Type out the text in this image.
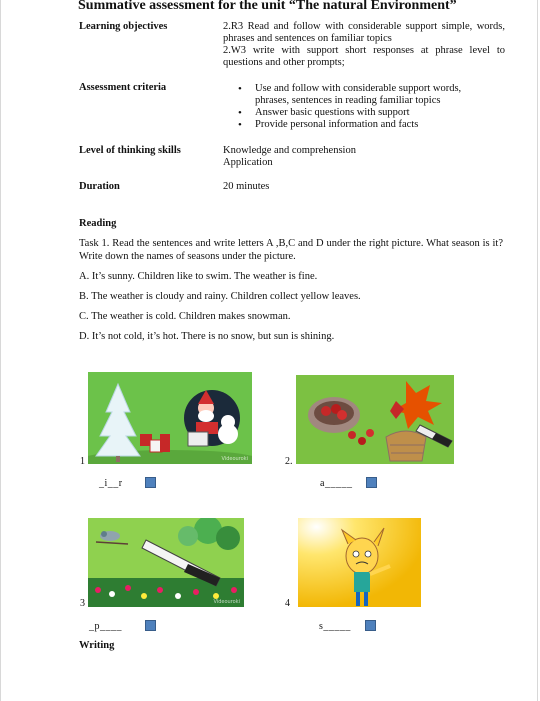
Summative assessment for the unit “The natural Environment”
Learning objectives	2.R3 Read and follow with considerable support simple, words, phrases and sentences on familiar topics
2.W3 write with support short responses at phrase level to questions and other prompts;
Assessment criteria
•	Use and follow with considerable support words, phrases, sentences in reading familiar topics
• Answer basic questions with support
• Provide personal information and facts
Level of thinking skills	Knowledge and comprehension
Application
Duration	20 minutes
Reading
Task 1. Read the sentences and write letters A ,B,C and D under the right picture. What season is it? Write down the names of seasons under the picture.
A. It’s sunny. Children like to swim. The weather is fine.
B. The weather is cloudy and rainy. Children collect yellow leaves.
C. The weather is cold. Children makes snowman.
D. It’s not cold, it’s hot. There is no snow, but sun is shining.
Videouroki
1
_i__r
2.
a_____
Videouroki
3
_p____
4
s_____
Writing
